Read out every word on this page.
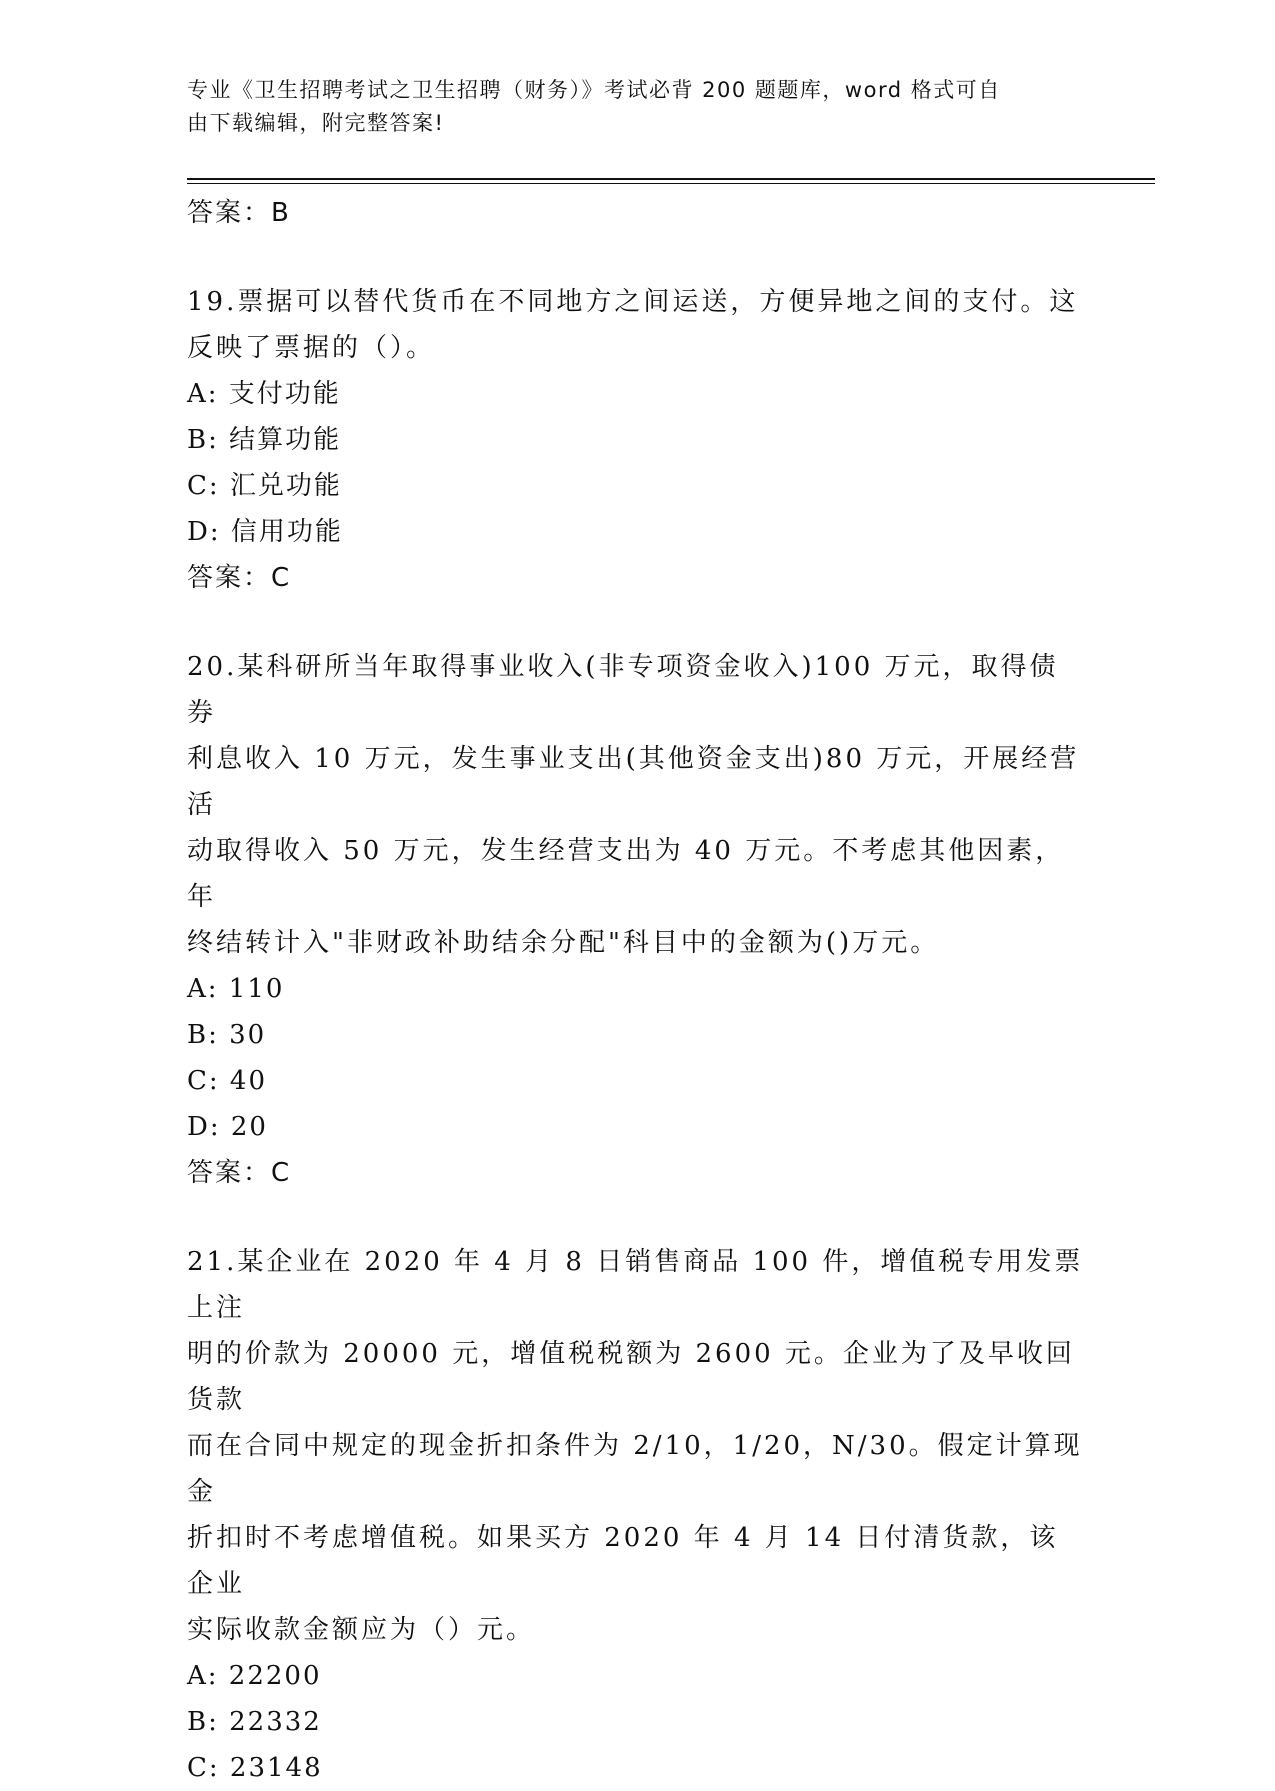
专业《卫生招聘考试之卫生招聘（财务）》考试必背 200 题题库，word 格式可自
由下载编辑，附完整答案!
答案：B
19.票据可以替代货币在不同地方之间运送，方便异地之间的支付。这
反映了票据的（）。
A: 支付功能
B: 结算功能
C: 汇兑功能
D: 信用功能
答案：C
20.某科研所当年取得事业收入(非专项资金收入)100 万元，取得债券
利息收入 10 万元，发生事业支出(其他资金支出)80 万元，开展经营活
动取得收入 50 万元，发生经营支出为 40 万元。不考虑其他因素，年
终结转计入"非财政补助结余分配"科目中的金额为()万元。
A: 110
B: 30
C: 40
D: 20
答案：C
21.某企业在 2020 年 4 月 8 日销售商品 100 件，增值税专用发票上注
明的价款为 20000 元，增值税税额为 2600 元。企业为了及早收回货款
而在合同中规定的现金折扣条件为 2/10，1/20，N/30。假定计算现金
折扣时不考虑增值税。如果买方 2020 年 4 月 14 日付清货款，该企业
实际收款金额应为（）元。
A: 22200
B: 22332
C: 23148
